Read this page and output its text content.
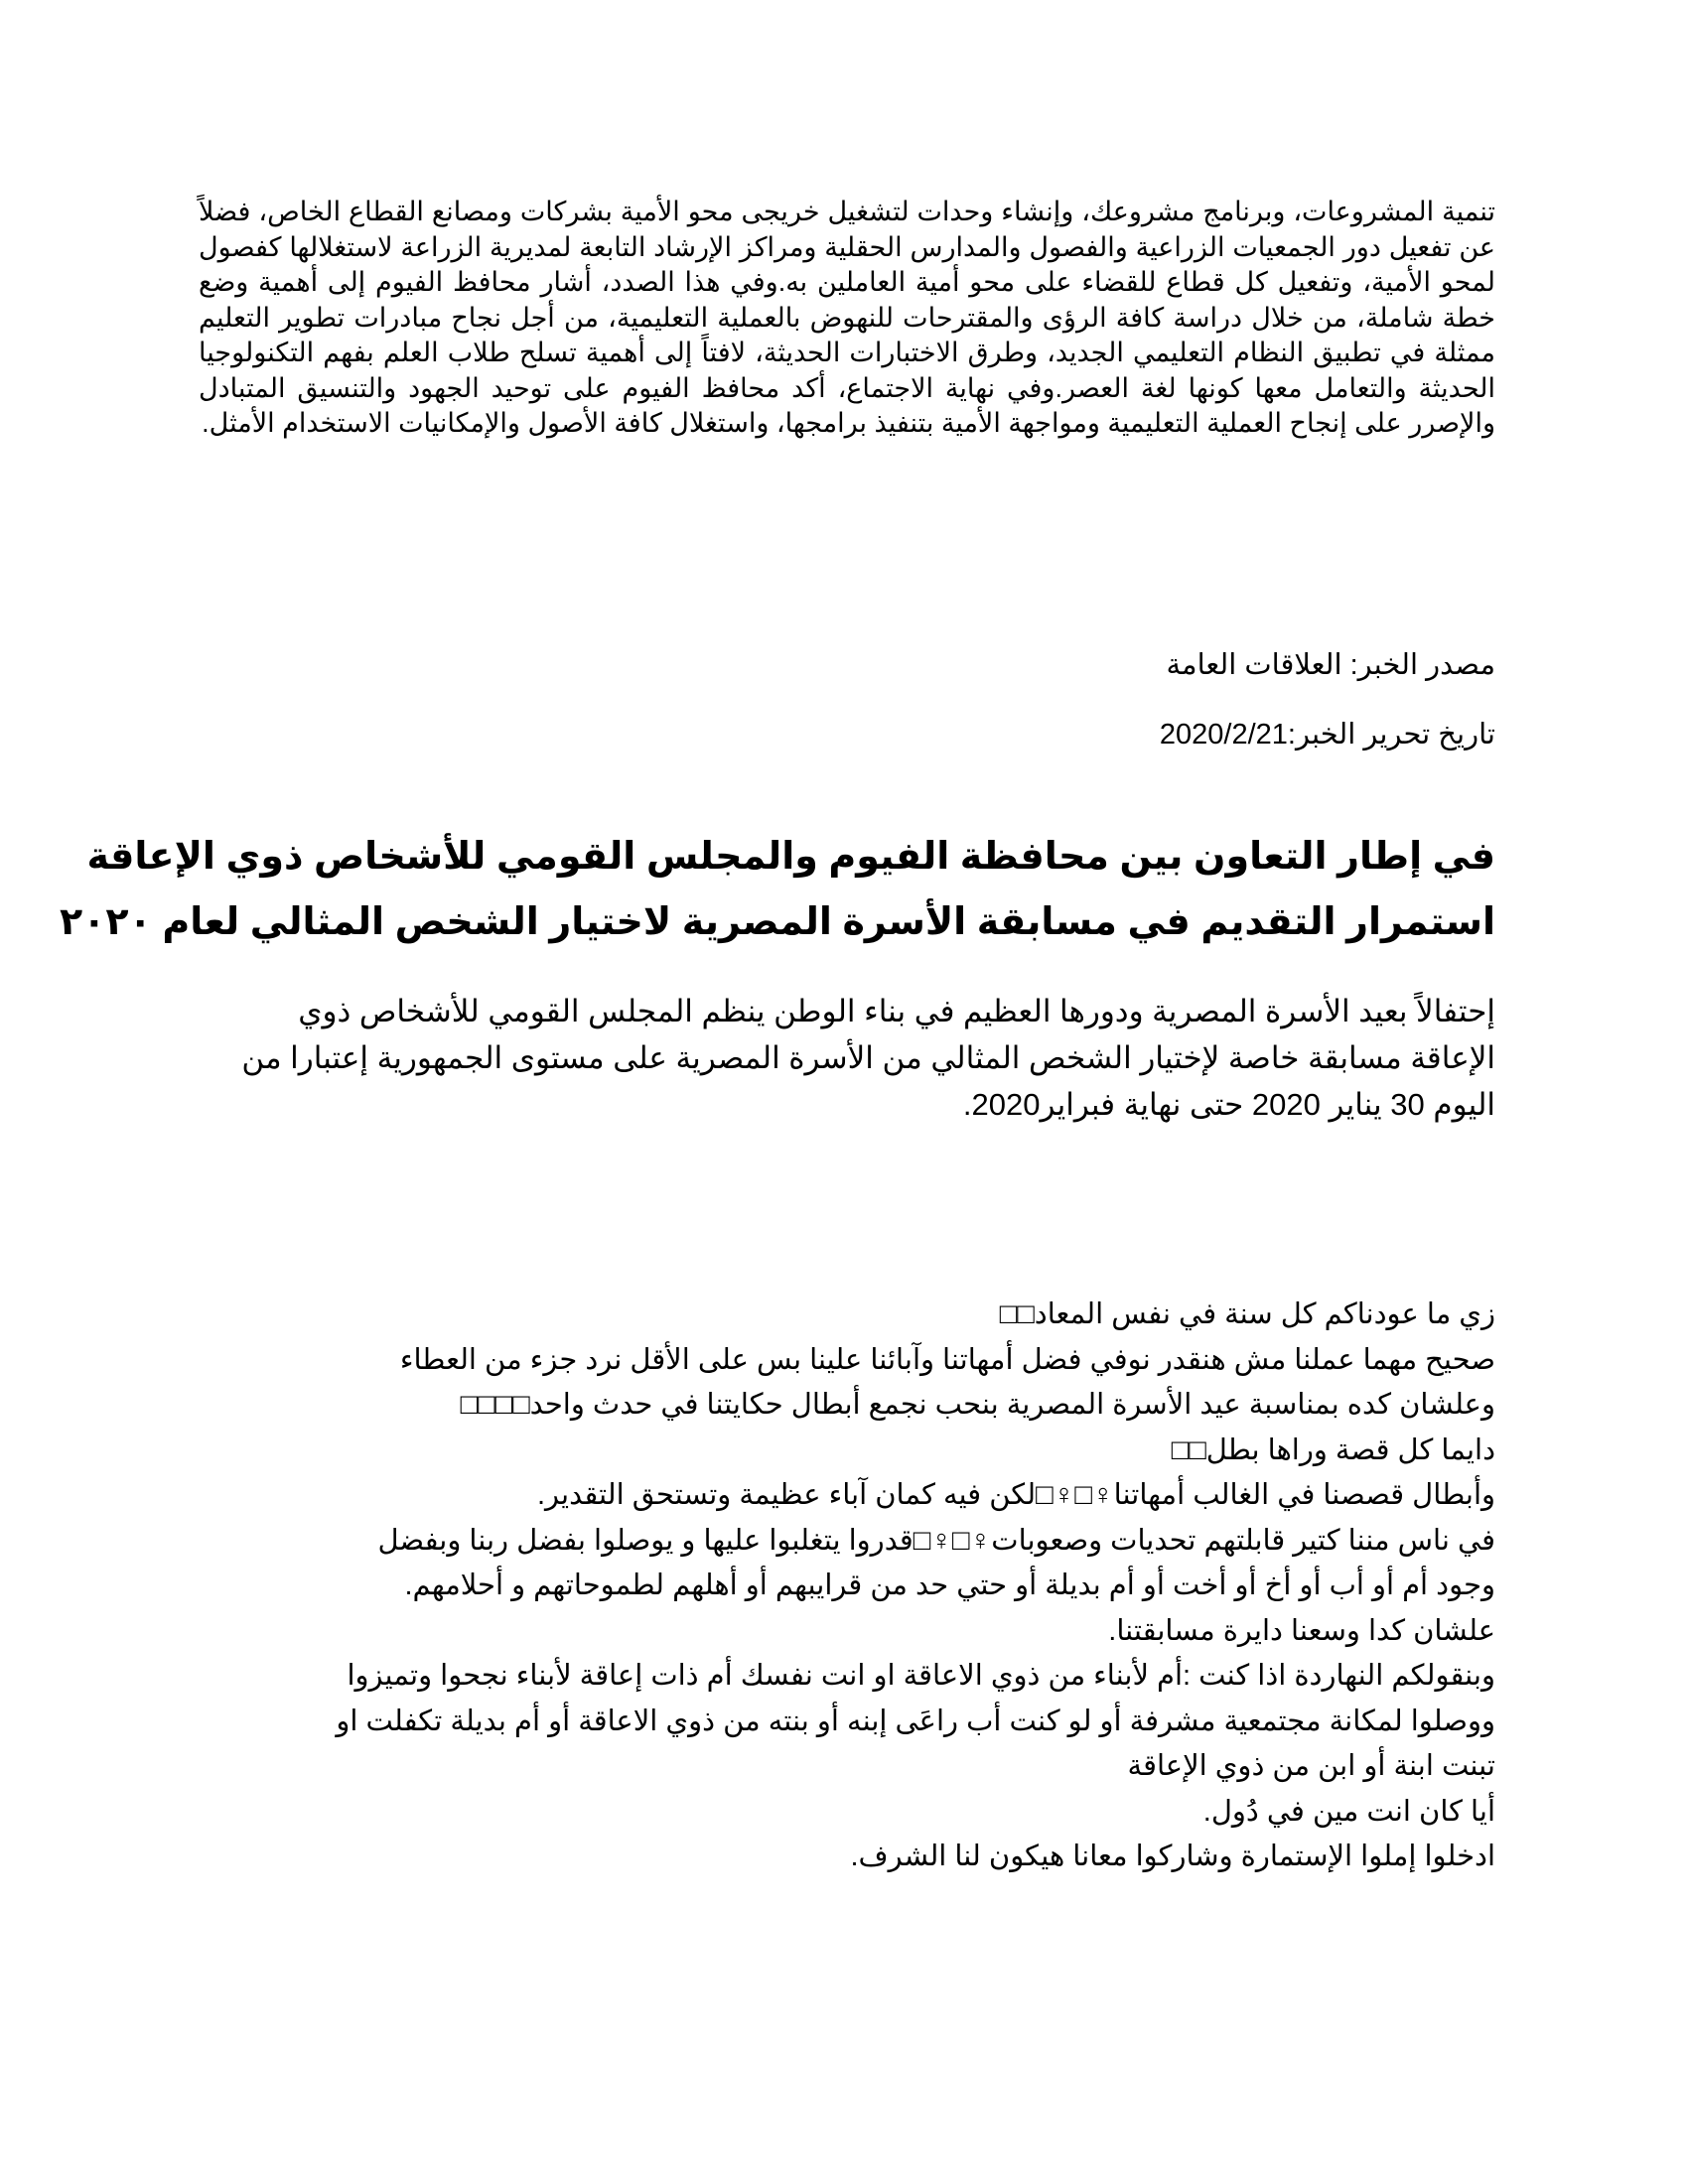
تنمية المشروعات، وبرنامج مشروعك، وإنشاء وحدات لتشغيل خريجى محو الأمية بشركات ومصانع القطاع الخاص، فضلاً عن تفعيل دور الجمعيات الزراعية والفصول والمدارس الحقلية ومراكز الإرشاد التابعة لمديرية الزراعة لاستغلالها كفصول لمحو الأمية، وتفعيل كل قطاع للقضاء على محو أمية العاملين به.وفي هذا الصدد، أشار محافظ الفيوم إلى أهمية وضع خطة شاملة، من خلال دراسة كافة الرؤى والمقترحات للنهوض بالعملية التعليمية، من أجل نجاح مبادرات تطوير التعليم ممثلة في تطبيق النظام التعليمي الجديد، وطرق الاختبارات الحديثة، لافتاً إلى أهمية تسلح طلاب العلم بفهم التكنولوجيا الحديثة والتعامل معها كونها لغة العصر.وفي نهاية الاجتماع، أكد محافظ الفيوم على توحيد الجهود والتنسيق المتبادل والإصرر على إنجاح العملية التعليمية ومواجهة الأمية بتنفيذ برامجها، واستغلال كافة الأصول والإمكانيات الاستخدام الأمثل.

مصدر الخبر: العلاقات العامة
تاريخ تحرير الخبر:2020/2/21
في إطار التعاون بين محافظة الفيوم والمجلس القومي للأشخاص ذوي الإعاقة
استمرار التقديم في مسابقة الأسرة المصرية لاختيار الشخص المثالي لعام ٢٠٢٠
إحتفالاً بعيد الأسرة المصرية ودورها العظيم في بناء الوطن ينظم المجلس القومي للأشخاص ذوي
الإعاقة مسابقة خاصة لإختيار الشخص المثالي من الأسرة المصرية على مستوى الجمهورية إعتبارا من
اليوم 30 يناير 2020 حتى نهاية فبراير2020.
زي ما عودناكم كل سنة في نفس المعاد□□
صحيح مهما عملنا مش هنقدر نوفي فضل أمهاتنا وآبائنا علينا بس على الأقل نرد جزء من العطاء
وعلشان كده بمناسبة عيد الأسرة المصرية بنحب نجمع أبطال حكايتنا في حدث واحد□□□□
دايما كل قصة وراها بطل□□
وأبطال قصصنا في الغالب أمهاتنا♀□♀□لكن فيه كمان آباء عظيمة وتستحق التقدير.
في ناس مننا كتير قابلتهم تحديات وصعوبات♀□♀□قدروا يتغلبوا عليها و يوصلوا بفضل ربنا وبفضل
وجود أم أو أب أو أخ أو أخت أو أم بديلة أو حتي حد من قرايبهم أو أهلهم لطموحاتهم و أحلامهم.
علشان كدا وسعنا دايرة مسابقتنا.
وبنقولكم النهاردة اذا كنت :أم لأبناء من ذوي الاعاقة او انت نفسك أم ذات إعاقة لأبناء نجحوا وتميزوا
ووصلوا لمكانة مجتمعية مشرفة أو لو كنت أب راعَى إبنه أو بنته من ذوي الاعاقة أو أم بديلة تكفلت او
تبنت ابنة أو ابن من ذوي الإعاقة
أيا كان انت مين في دُول.
ادخلوا إملوا الإستمارة وشاركوا معانا هيكون لنا الشرف.
